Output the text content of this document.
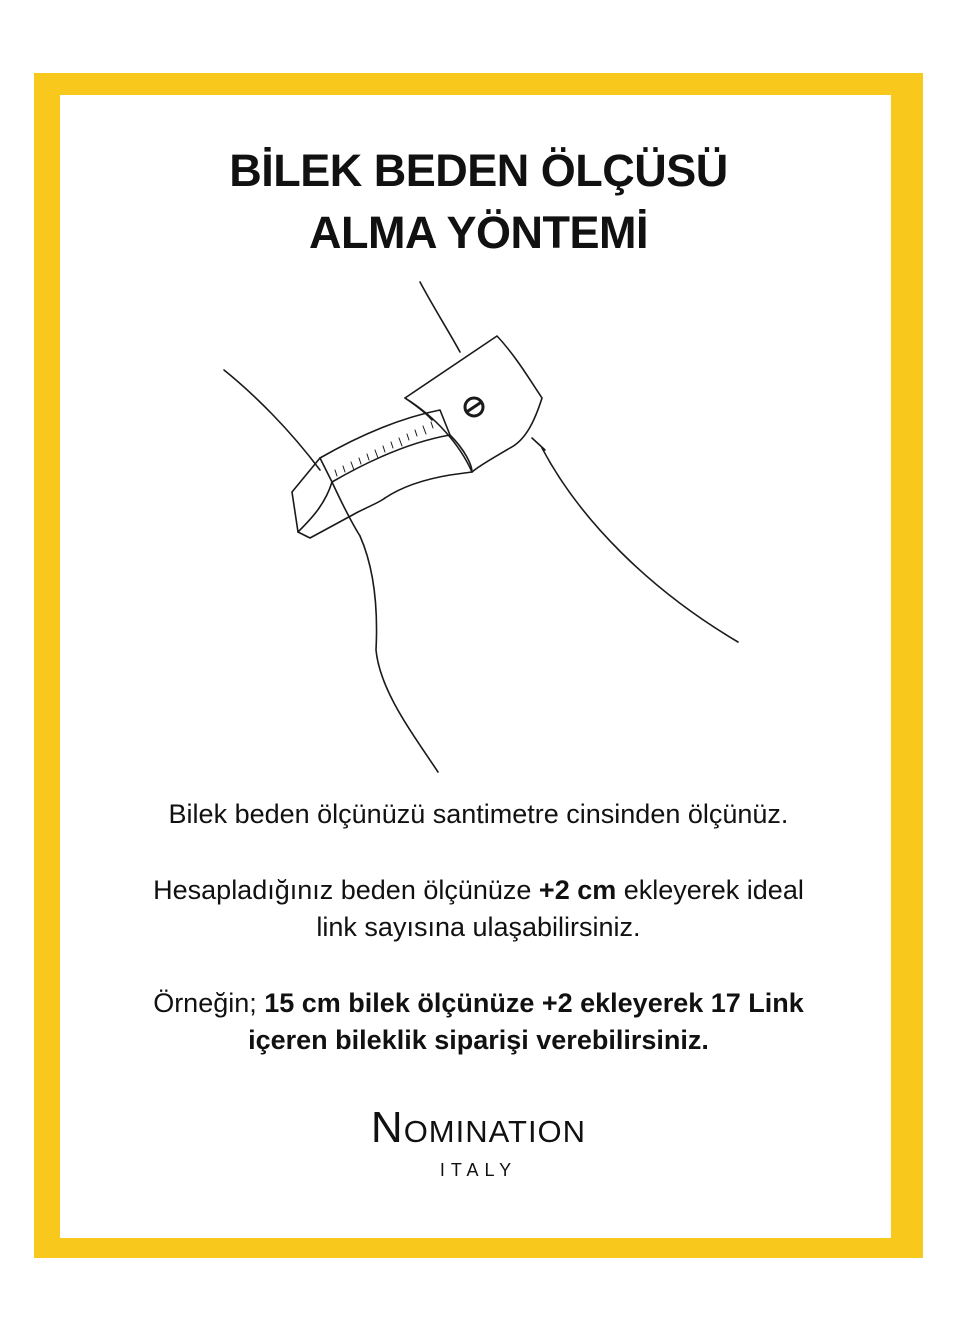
BİLEK BEDEN ÖLÇÜSÜ
ALMA YÖNTEMİ

Bilek beden ölçünüzü santimetre cinsinden ölçünüz.

Hesapladığınız beden ölçünüze +2 cm ekleyerek ideal
link sayısına ulaşabilirsiniz.

Örneğin; 15 cm bilek ölçünüze +2 ekleyerek 17 Link
içeren bileklik siparişi verebilirsiniz.

Nomination
ITALY
